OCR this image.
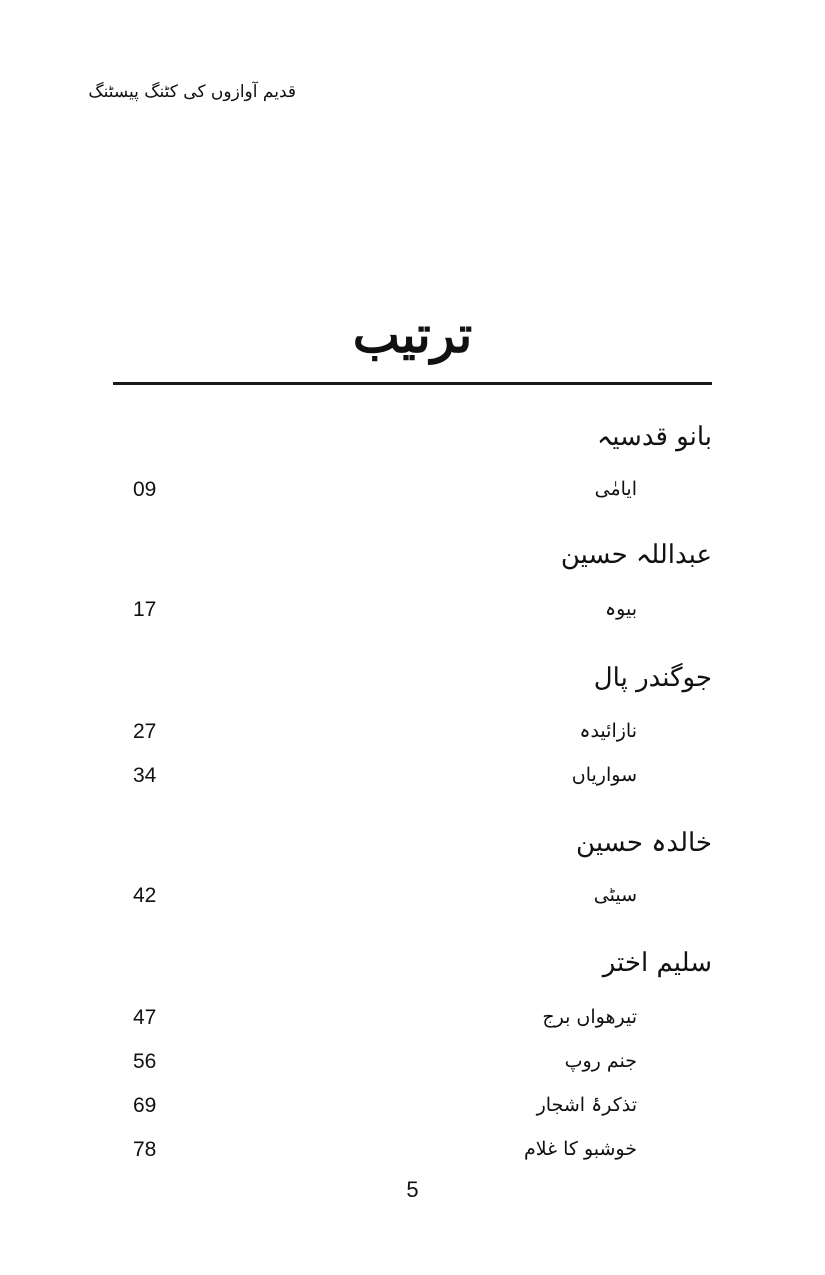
قدیم آوازوں کی کٹنگ پیسٹنگ
ترتیب
بانو قدسیہ
ایامٰی
09
عبداللہ حسین
بیوہ
17
جوگندر پال
نازائیدہ
27
سواریاں
34
خالدہ حسین
سیٹی
42
سلیم اختر
تیرھواں برج
47
جنم روپ
56
تذکرۂ اشجار
69
خوشبو کا غلام
78
5
